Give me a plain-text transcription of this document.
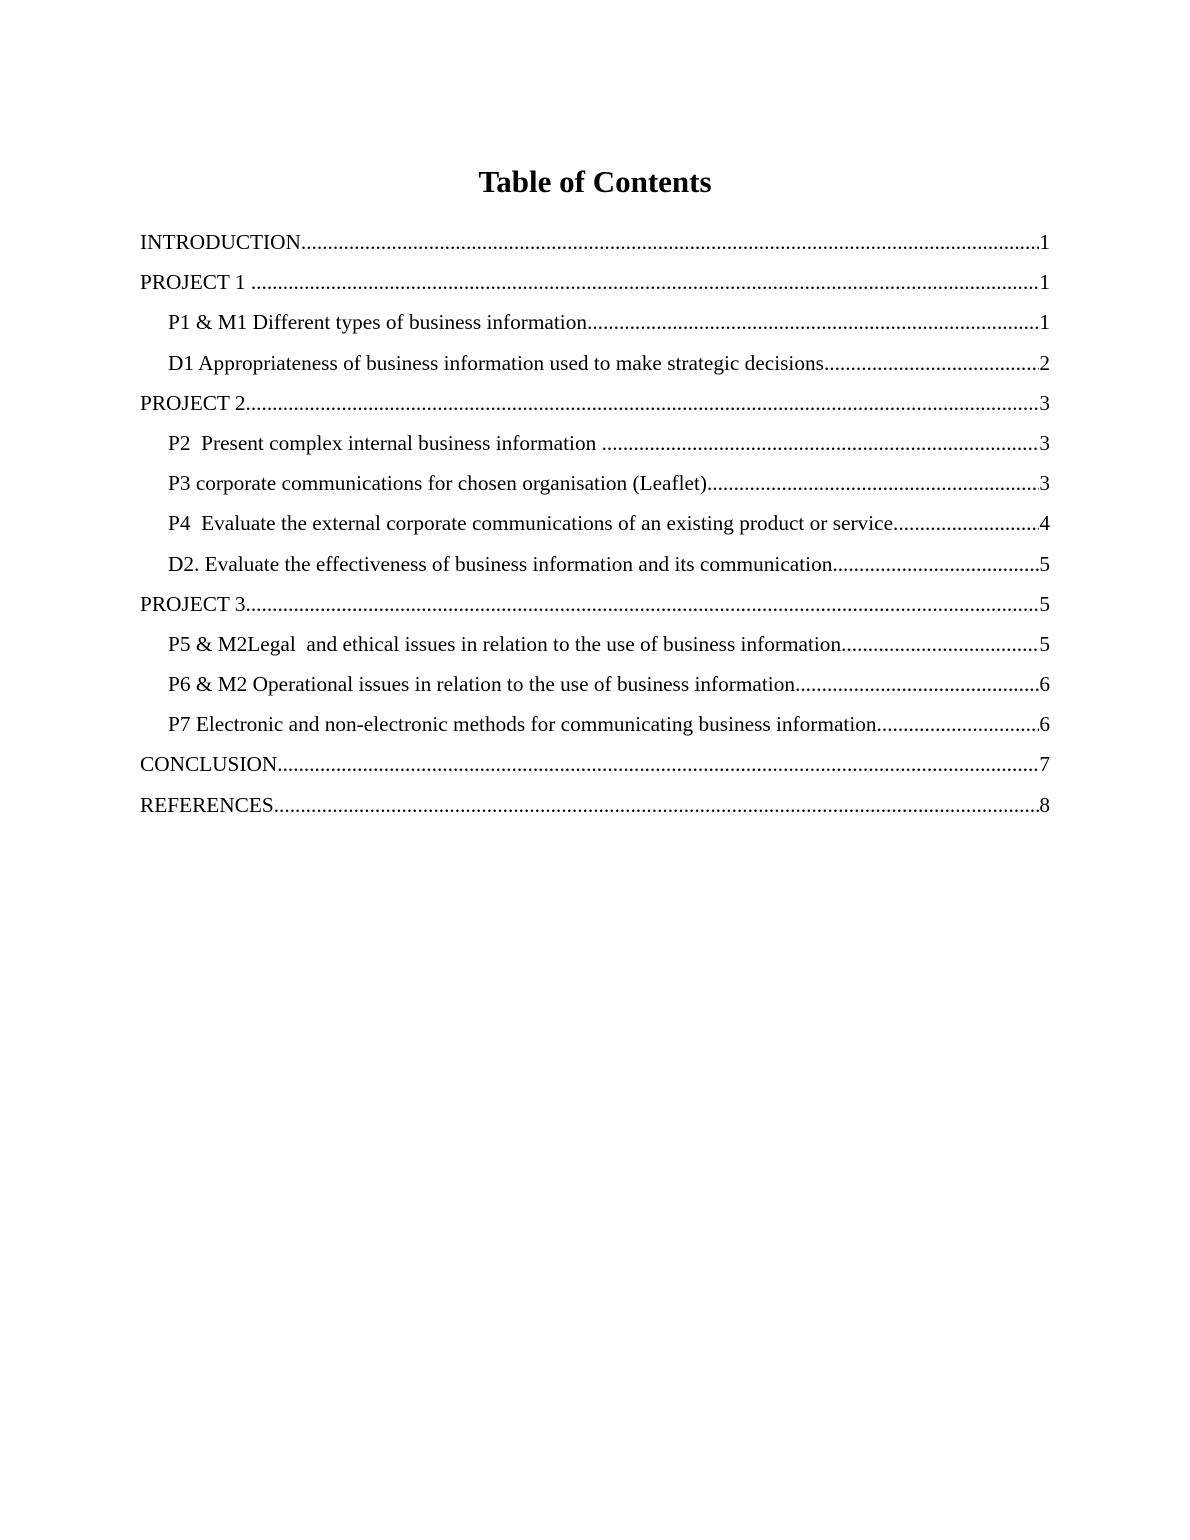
Table of Contents
INTRODUCTION .....	1
PROJECT 1 .....	1
P1 & M1 Different types of business information .....	1
D1 Appropriateness of business information used to make strategic decisions .....	2
PROJECT 2 .....	3
P2  Present complex internal business information .....	3
P3 corporate communications for chosen organisation (Leaflet) .....	3
P4  Evaluate the external corporate communications of an existing product or service .....	4
D2. Evaluate the effectiveness of business information and its communication .....	5
PROJECT 3 .....	5
P5 & M2Legal  and ethical issues in relation to the use of business information .....	5
P6 & M2 Operational issues in relation to the use of business information .....	6
P7 Electronic and non-electronic methods for communicating business information .....	6
CONCLUSION .....	7
REFERENCES .....	8
